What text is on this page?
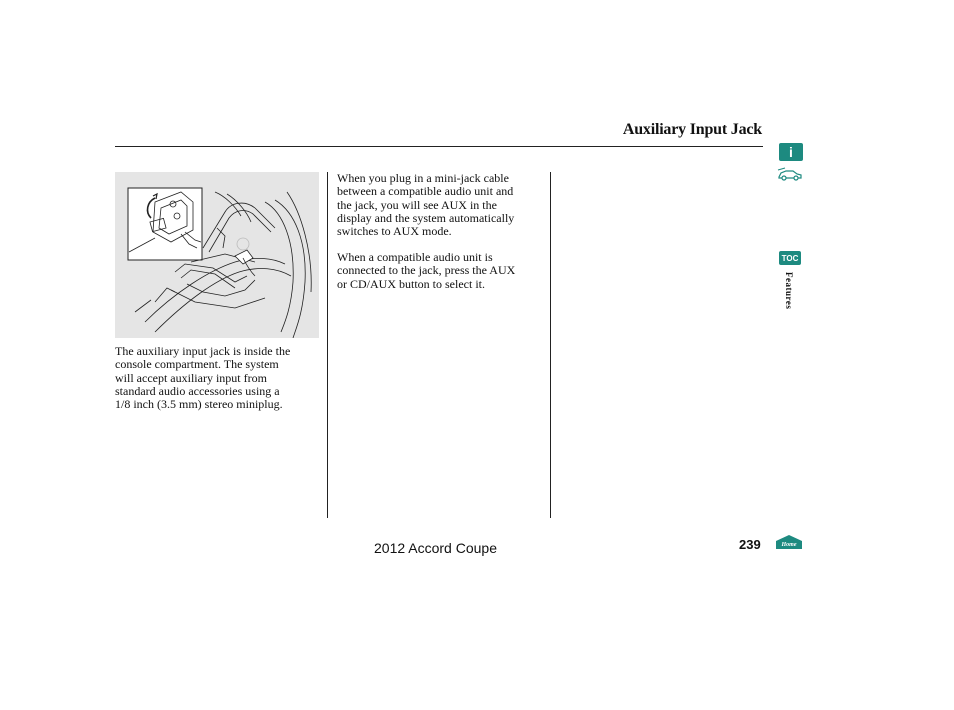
Auxiliary Input Jack
The auxiliary input jack is inside the
console compartment. The system
will accept auxiliary input from
standard audio accessories using a
1/8 inch (3.5 mm) stereo miniplug.
When you plug in a mini-jack cable
between a compatible audio unit and
the jack, you will see AUX in the
display and the system automatically
switches to AUX mode.
When a compatible audio unit is
connected to the jack, press the AUX
or CD/AUX button to select it.
i
TOC
Features
2012 Accord Coupe	239	Home
